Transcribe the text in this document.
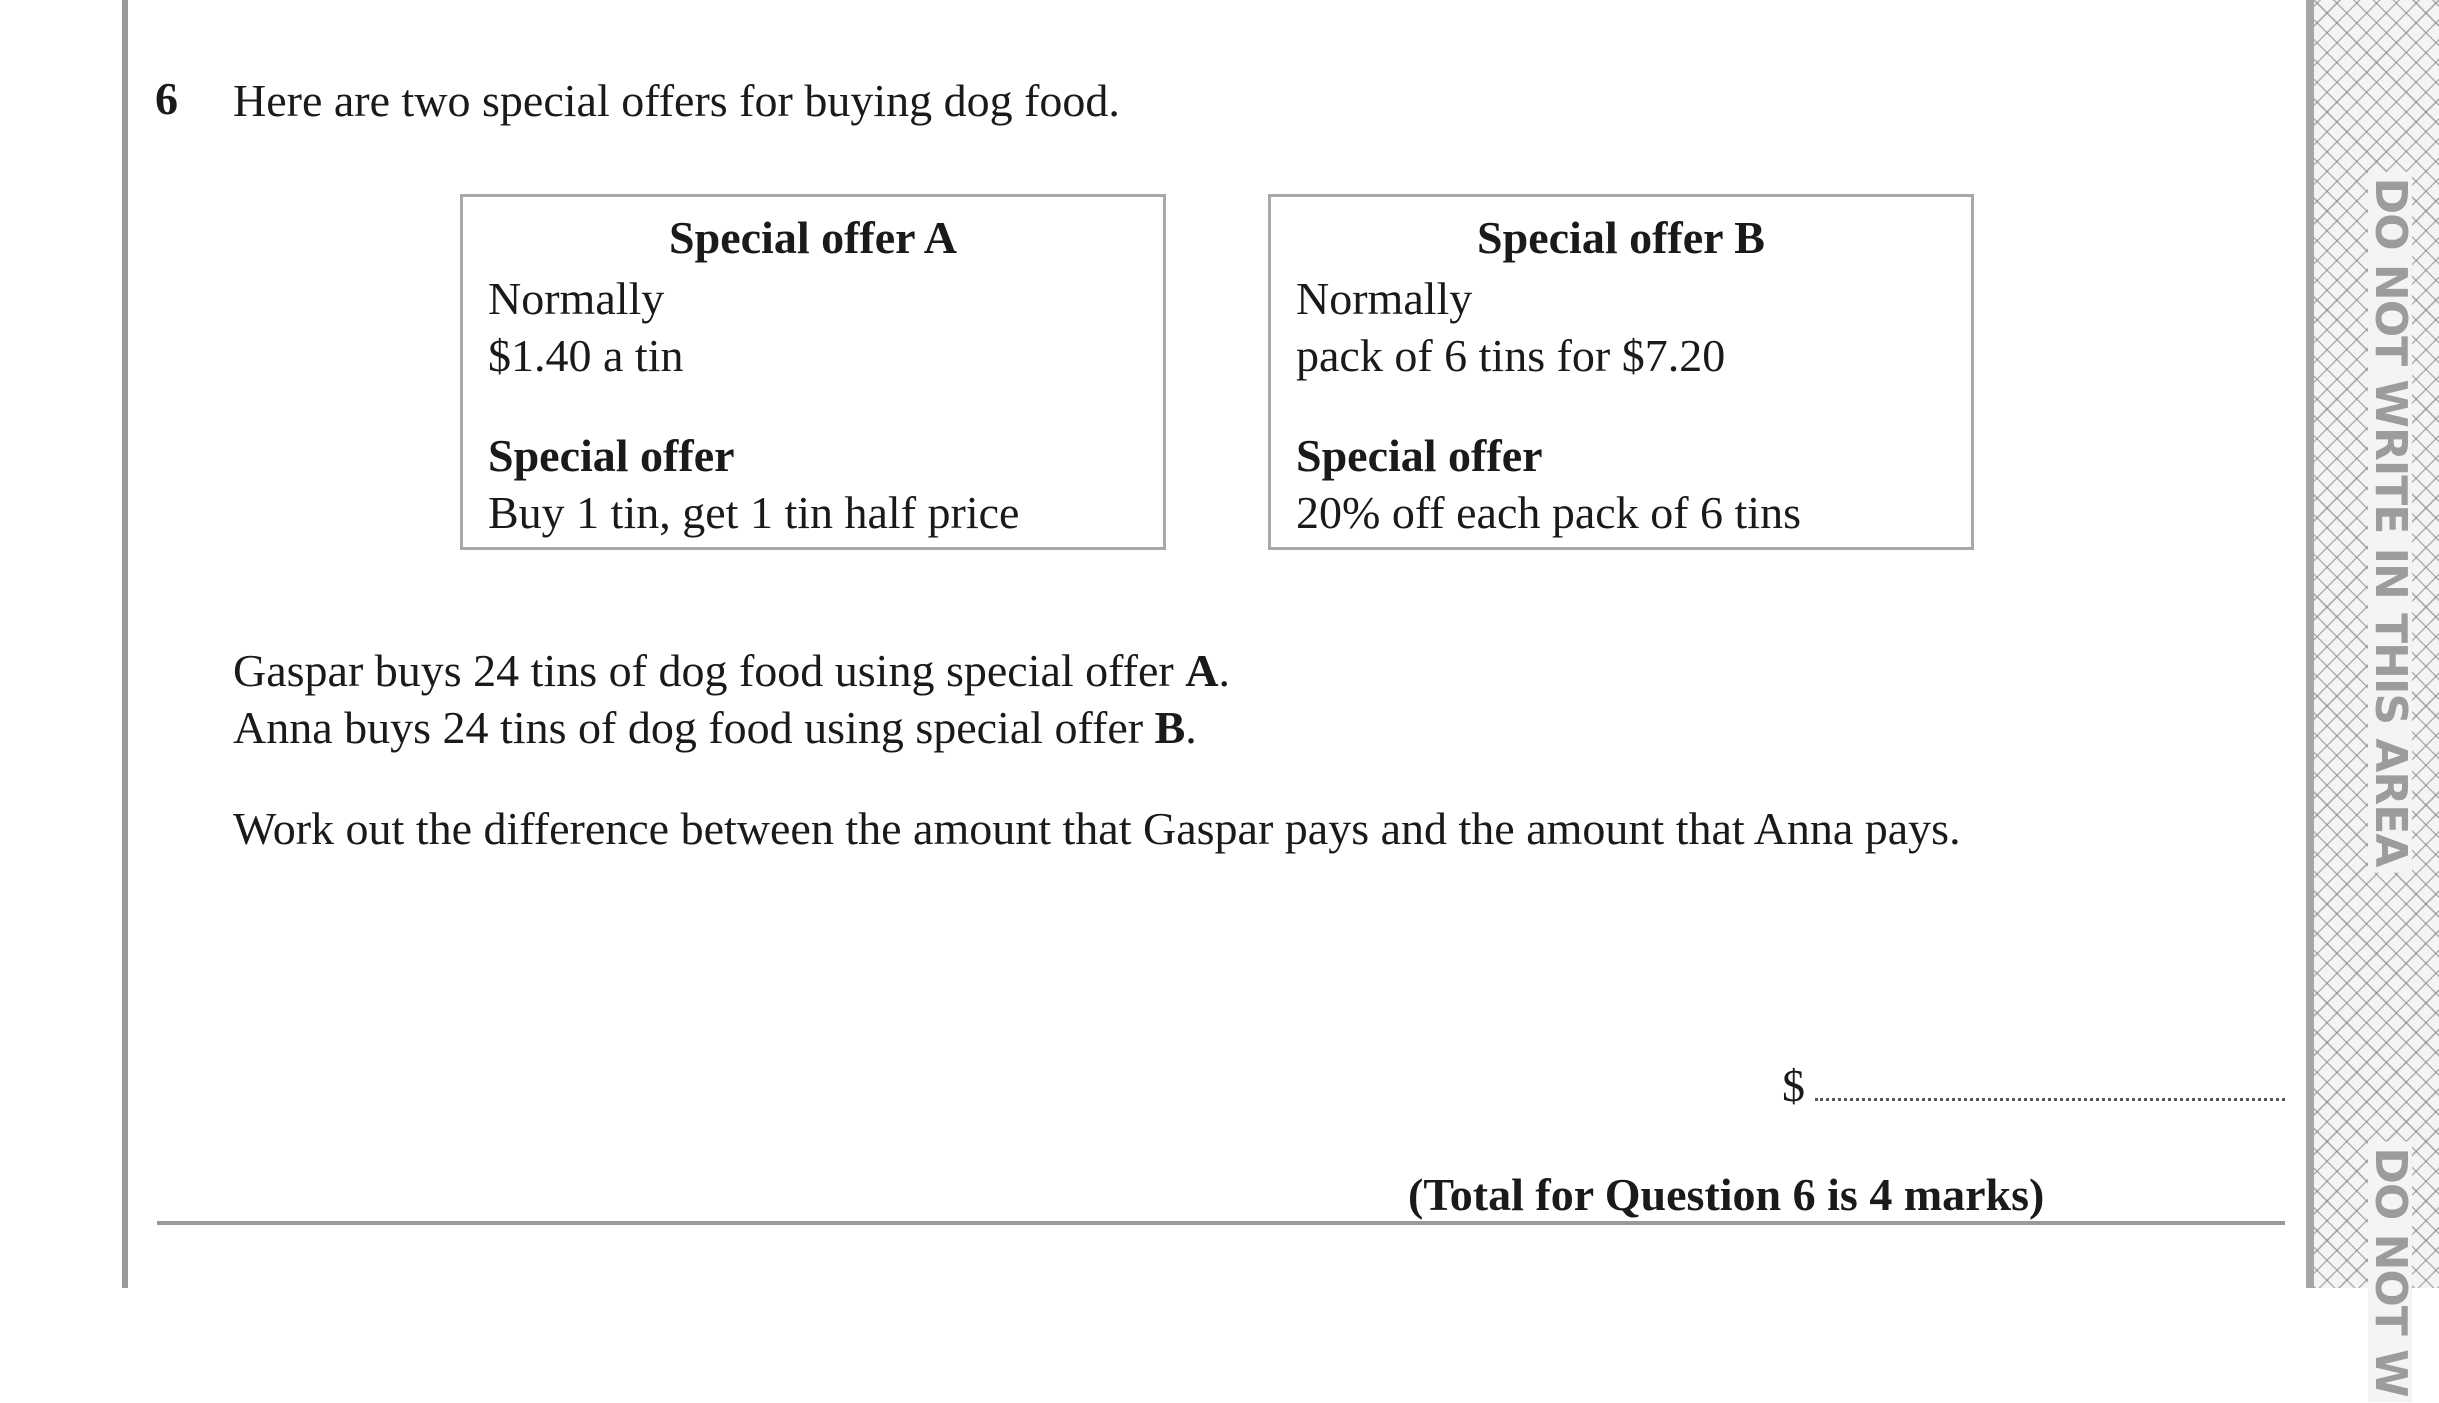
DO NOT WRITE IN THIS AREA
DO NOT W
6 Here are two special offers for buying dog food.
Special offer A
Normally
$1.40 a tin
Special offer
Buy 1 tin, get 1 tin half price
Special offer B
Normally
pack of 6 tins for $7.20
Special offer
20% off each pack of 6 tins
Gaspar buys 24 tins of dog food using special offer A.
Anna buys 24 tins of dog food using special offer B.
Work out the difference between the amount that Gaspar pays and the amount that Anna pays.
$
(Total for Question 6 is 4 marks)
